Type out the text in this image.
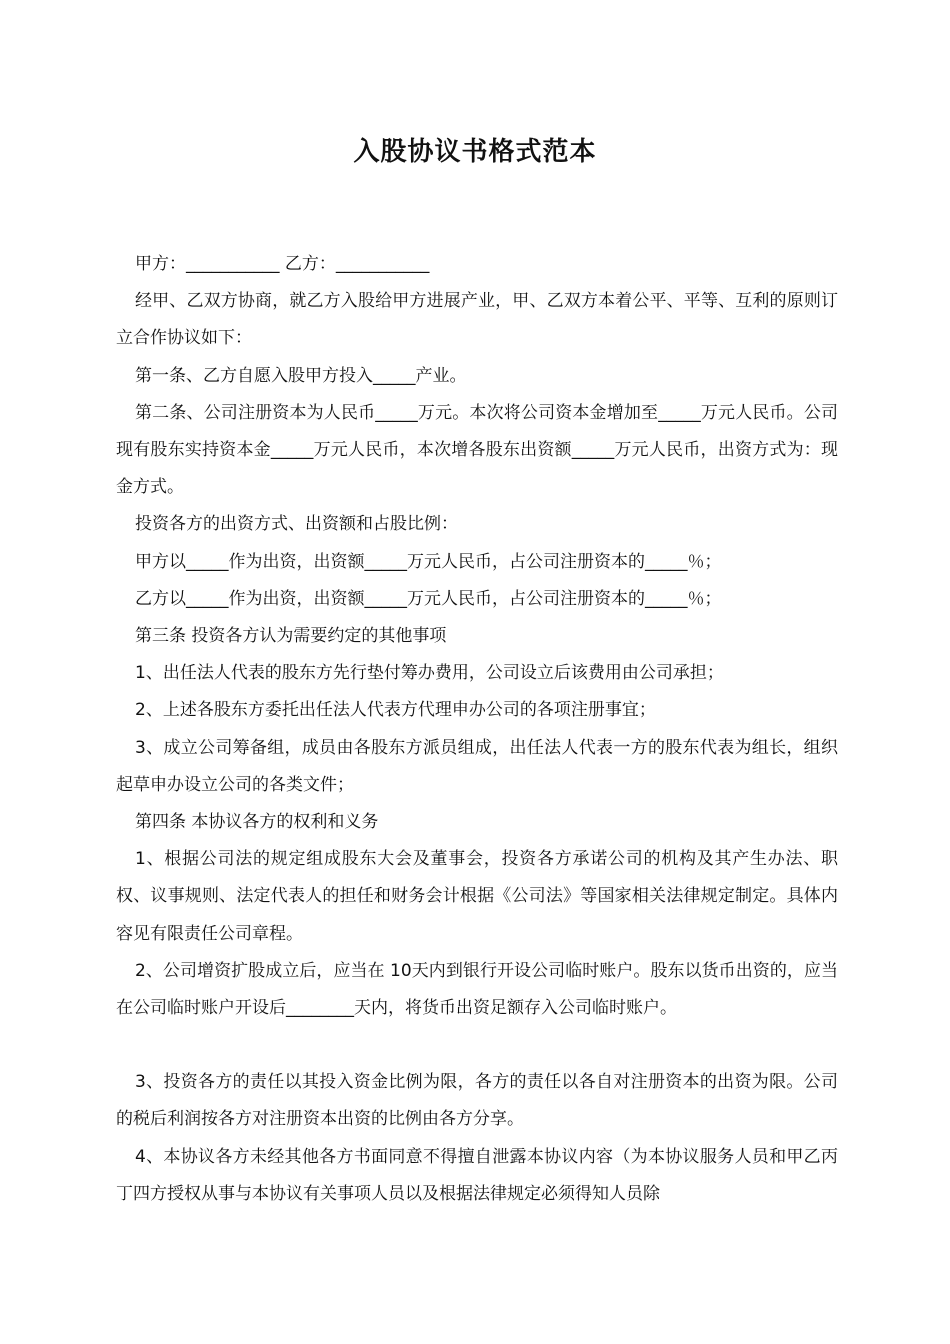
入股协议书格式范本

甲方：___________ 乙方：___________

经甲、乙双方协商，就乙方入股给甲方进展产业，甲、乙双方本着公平、平等、互利的原则订立合作协议如下：

第一条、乙方自愿入股甲方投入_____产业。

第二条、公司注册资本为人民币_____万元。本次将公司资本金增加至_____万元人民币。公司现有股东实持资本金_____万元人民币，本次增各股东出资额_____万元人民币，出资方式为：现金方式。

投资各方的出资方式、出资额和占股比例：

甲方以_____作为出资，出资额_____万元人民币，占公司注册资本的_____％；

乙方以_____作为出资，出资额_____万元人民币，占公司注册资本的_____％；

第三条 投资各方认为需要约定的其他事项

1、出任法人代表的股东方先行垫付筹办费用，公司设立后该费用由公司承担；

2、上述各股东方委托出任法人代表方代理申办公司的各项注册事宜；

3、成立公司筹备组，成员由各股东方派员组成，出任法人代表一方的股东代表为组长，组织起草申办设立公司的各类文件；

第四条 本协议各方的权利和义务

1、根据公司法的规定组成股东大会及董事会，投资各方承诺公司的机构及其产生办法、职权、议事规则、法定代表人的担任和财务会计根据《公司法》等国家相关法律规定制定。具体内容见有限责任公司章程。

2、公司增资扩股成立后，应当在 10天内到银行开设公司临时账户。股东以货币出资的，应当在公司临时账户开设后________天内，将货币出资足额存入公司临时账户。

3、投资各方的责任以其投入资金比例为限，各方的责任以各自对注册资本的出资为限。公司的税后利润按各方对注册资本出资的比例由各方分享。

4、本协议各方未经其他各方书面同意不得擅自泄露本协议内容（为本协议服务人员和甲乙丙丁四方授权从事与本协议有关事项人员以及根据法律规定必须得知人员除
